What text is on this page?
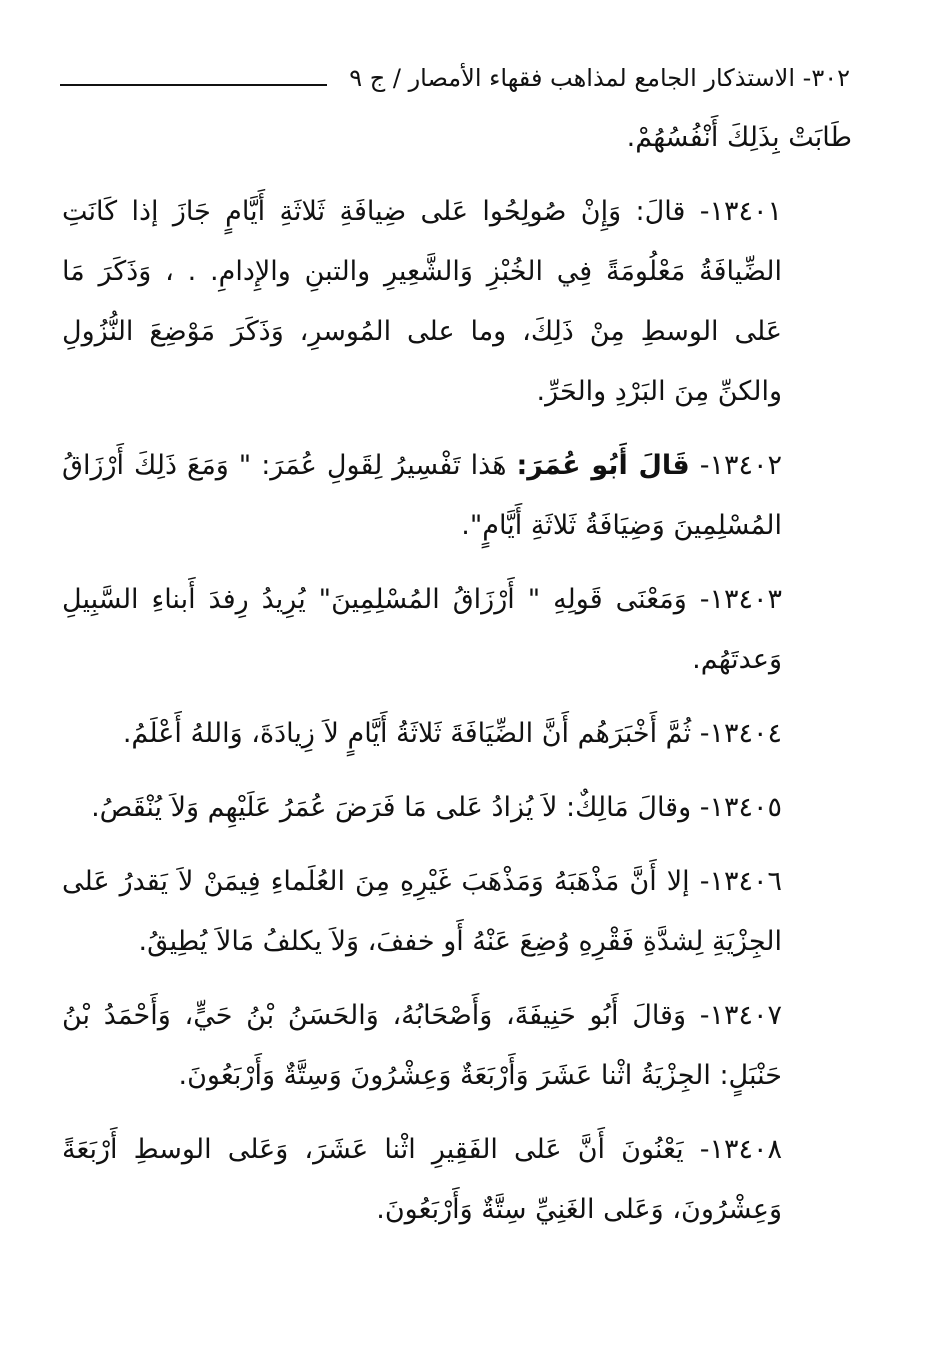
٣٠٢- الاستذكار الجامع لمذاهب فقهاء الأمصار / ج ٩

طَابَتْ بِذَلِكَ أَنْفُسُهُمْ.

١٣٤٠١- قالَ: وَإِنْ صُولِحُوا عَلى ضِيافَةِ ثَلاثَةِ أَيَّامٍ جَازَ إذا كَانَتِ الضِّيافَةُ مَعْلُومَةً فِي الخُبْزِ وَالشَّعِيرِ والتبنِ والإِدامِ. . ، وَذَكَرَ مَا عَلى الوسطِ مِنْ ذَلِكَ، وما على المُوسرِ، وَذَكَرَ مَوْضِعَ النُّزُولِ والكنِّ مِنَ البَرْدِ والحَرِّ.

١٣٤٠٢- قَالَ أَبُو عُمَرَ: هَذا تَفْسِيرُ لِقَولِ عُمَرَ: " وَمَعَ ذَلِكَ أَرْزَاقُ المُسْلِمِينَ وَضِيَافَةُ ثَلاثَةِ أَيَّامٍ".

١٣٤٠٣- وَمَعْنَى قَولِهِ " أَرْزَاقُ المُسْلِمِينَ" يُرِيدُ رِفدَ أَبناءِ السَّبِيلِ وَعدتَهُم.

١٣٤٠٤- ثُمَّ أَخْبَرَهُم أَنَّ الضِّيَافَةَ ثَلاثَةُ أَيَّامٍ لاَ زِيادَةَ، وَاللهُ أَعْلَمُ.

١٣٤٠٥- وقالَ مَالِكٌ: لاَ يُزادُ عَلى مَا فَرَضَ عُمَرُ عَلَيْهِم وَلاَ يُنْقَصُ.

١٣٤٠٦- إلا أَنَّ مَذْهَبَهُ وَمَذْهَبَ غَيْرِهِ مِنَ العُلَماءِ فِيمَنْ لاَ يَقدرُ عَلى الجِزْيَةِ لِشدَّةِ فَقْرِهِ وُضِعَ عَنْهُ أَو خففَ، وَلاَ يكلفُ مَالاَ يُطِيقُ.

١٣٤٠٧- وَقالَ أَبُو حَنِيفَةَ، وَأَصْحَابُهُ، وَالحَسَنُ بْنُ حَيٍّ، وَأَحْمَدُ بْنُ حَنْبَلٍ: الجِزْيَةُ اثْنا عَشَرَ وَأَرْبَعَةٌ وَعِشْرُونَ وَسِتَّةٌ وَأَرْبَعُونَ.

١٣٤٠٨- يَعْنُونَ أَنَّ عَلى الفَقِيرِ اثْنا عَشَرَ، وَعَلى الوسطِ أَرْبَعَةً وَعِشْرُونَ، وَعَلى الغَنِيِّ سِتَّةٌ وَأَرْبَعُونَ.
